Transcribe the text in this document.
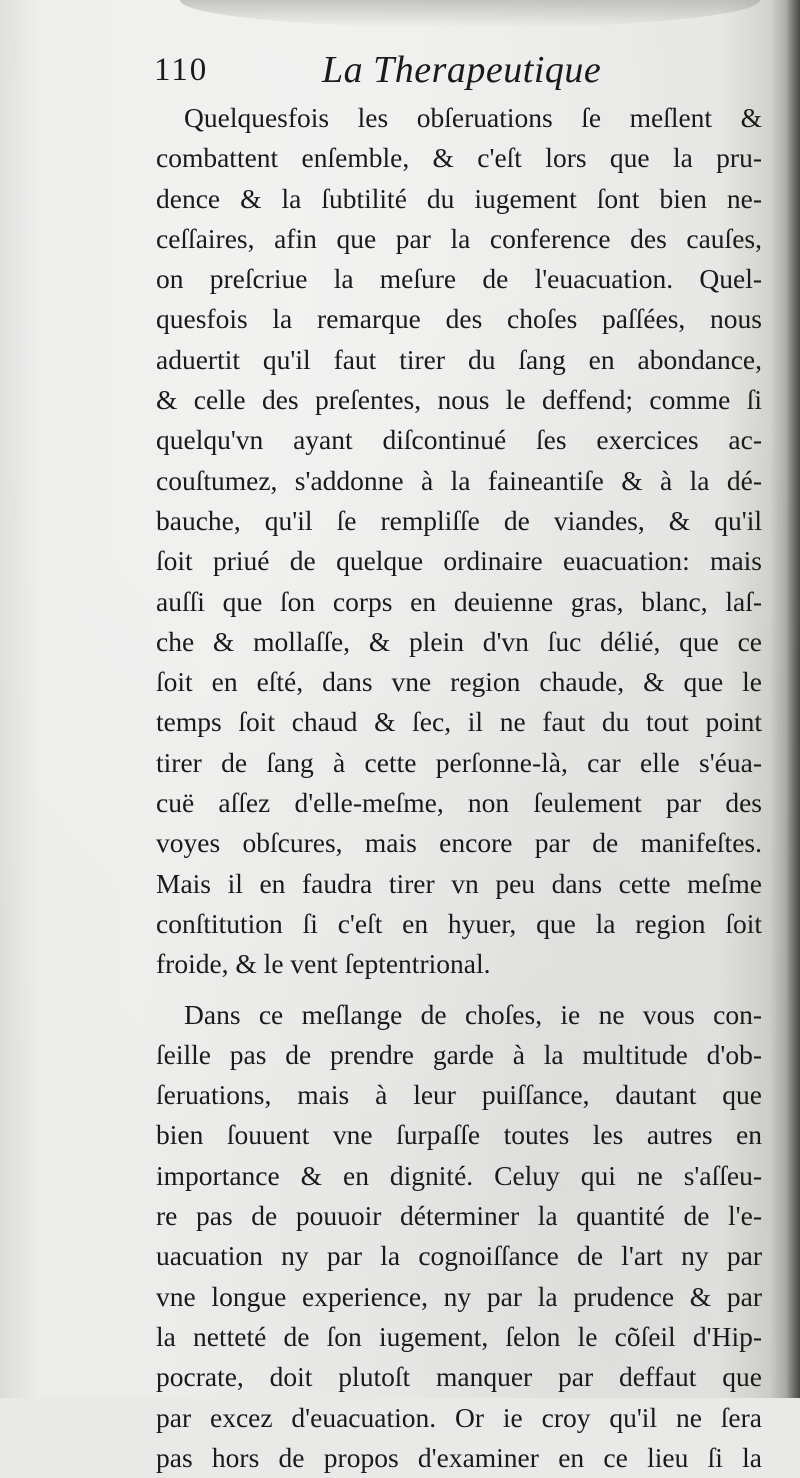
110	La Therapeutique
Quelquesfois les obſeruations ſe meſlent &
combattent enſemble, & c'eſt lors que la pru-
dence & la ſubtilité du iugement ſont bien ne-
ceſſaires, afin que par la conference des cauſes,
on preſcriue la meſure de l'euacuation. Quel-
quesfois la remarque des choſes paſſées, nous
aduertit qu'il faut tirer du ſang en abondance,
& celle des preſentes, nous le deffend; comme ſi
quelqu'vn ayant diſcontinué ſes exercices ac-
couſtumez, s'addonne à la faineantiſe & à la dé-
bauche, qu'il ſe rempliſſe de viandes, & qu'il
ſoit priué de quelque ordinaire euacuation: mais
auſſi que ſon corps en deuienne gras, blanc, laſ-
che & mollaſſe, & plein d'vn ſuc délié, que ce
ſoit en eſté, dans vne region chaude, & que le
temps ſoit chaud & ſec, il ne faut du tout point
tirer de ſang à cette perſonne-là, car elle s'éua-
cuë aſſez d'elle-meſme, non ſeulement par des
voyes obſcures, mais encore par de manifeſtes.
Mais il en faudra tirer vn peu dans cette meſme
conſtitution ſi c'eſt en hyuer, que la region ſoit
froide, & le vent ſeptentrional.
Dans ce meſlange de choſes, ie ne vous con-
ſeille pas de prendre garde à la multitude d'ob-
ſeruations, mais à leur puiſſance, dautant que
bien ſouuent vne ſurpaſſe toutes les autres en
importance & en dignité. Celuy qui ne s'aſſeu-
re pas de pouuoir déterminer la quantité de l'e-
uacuation ny par la cognoiſſance de l'art ny par
vne longue experience, ny par la prudence & par
la netteté de ſon iugement, ſelon le cõſeil d'Hip-
pocrate, doit plutoſt manquer par deffaut que
par excez d'euacuation. Or ie croy qu'il ne ſera
pas hors de propos d'examiner en ce lieu ſi la
